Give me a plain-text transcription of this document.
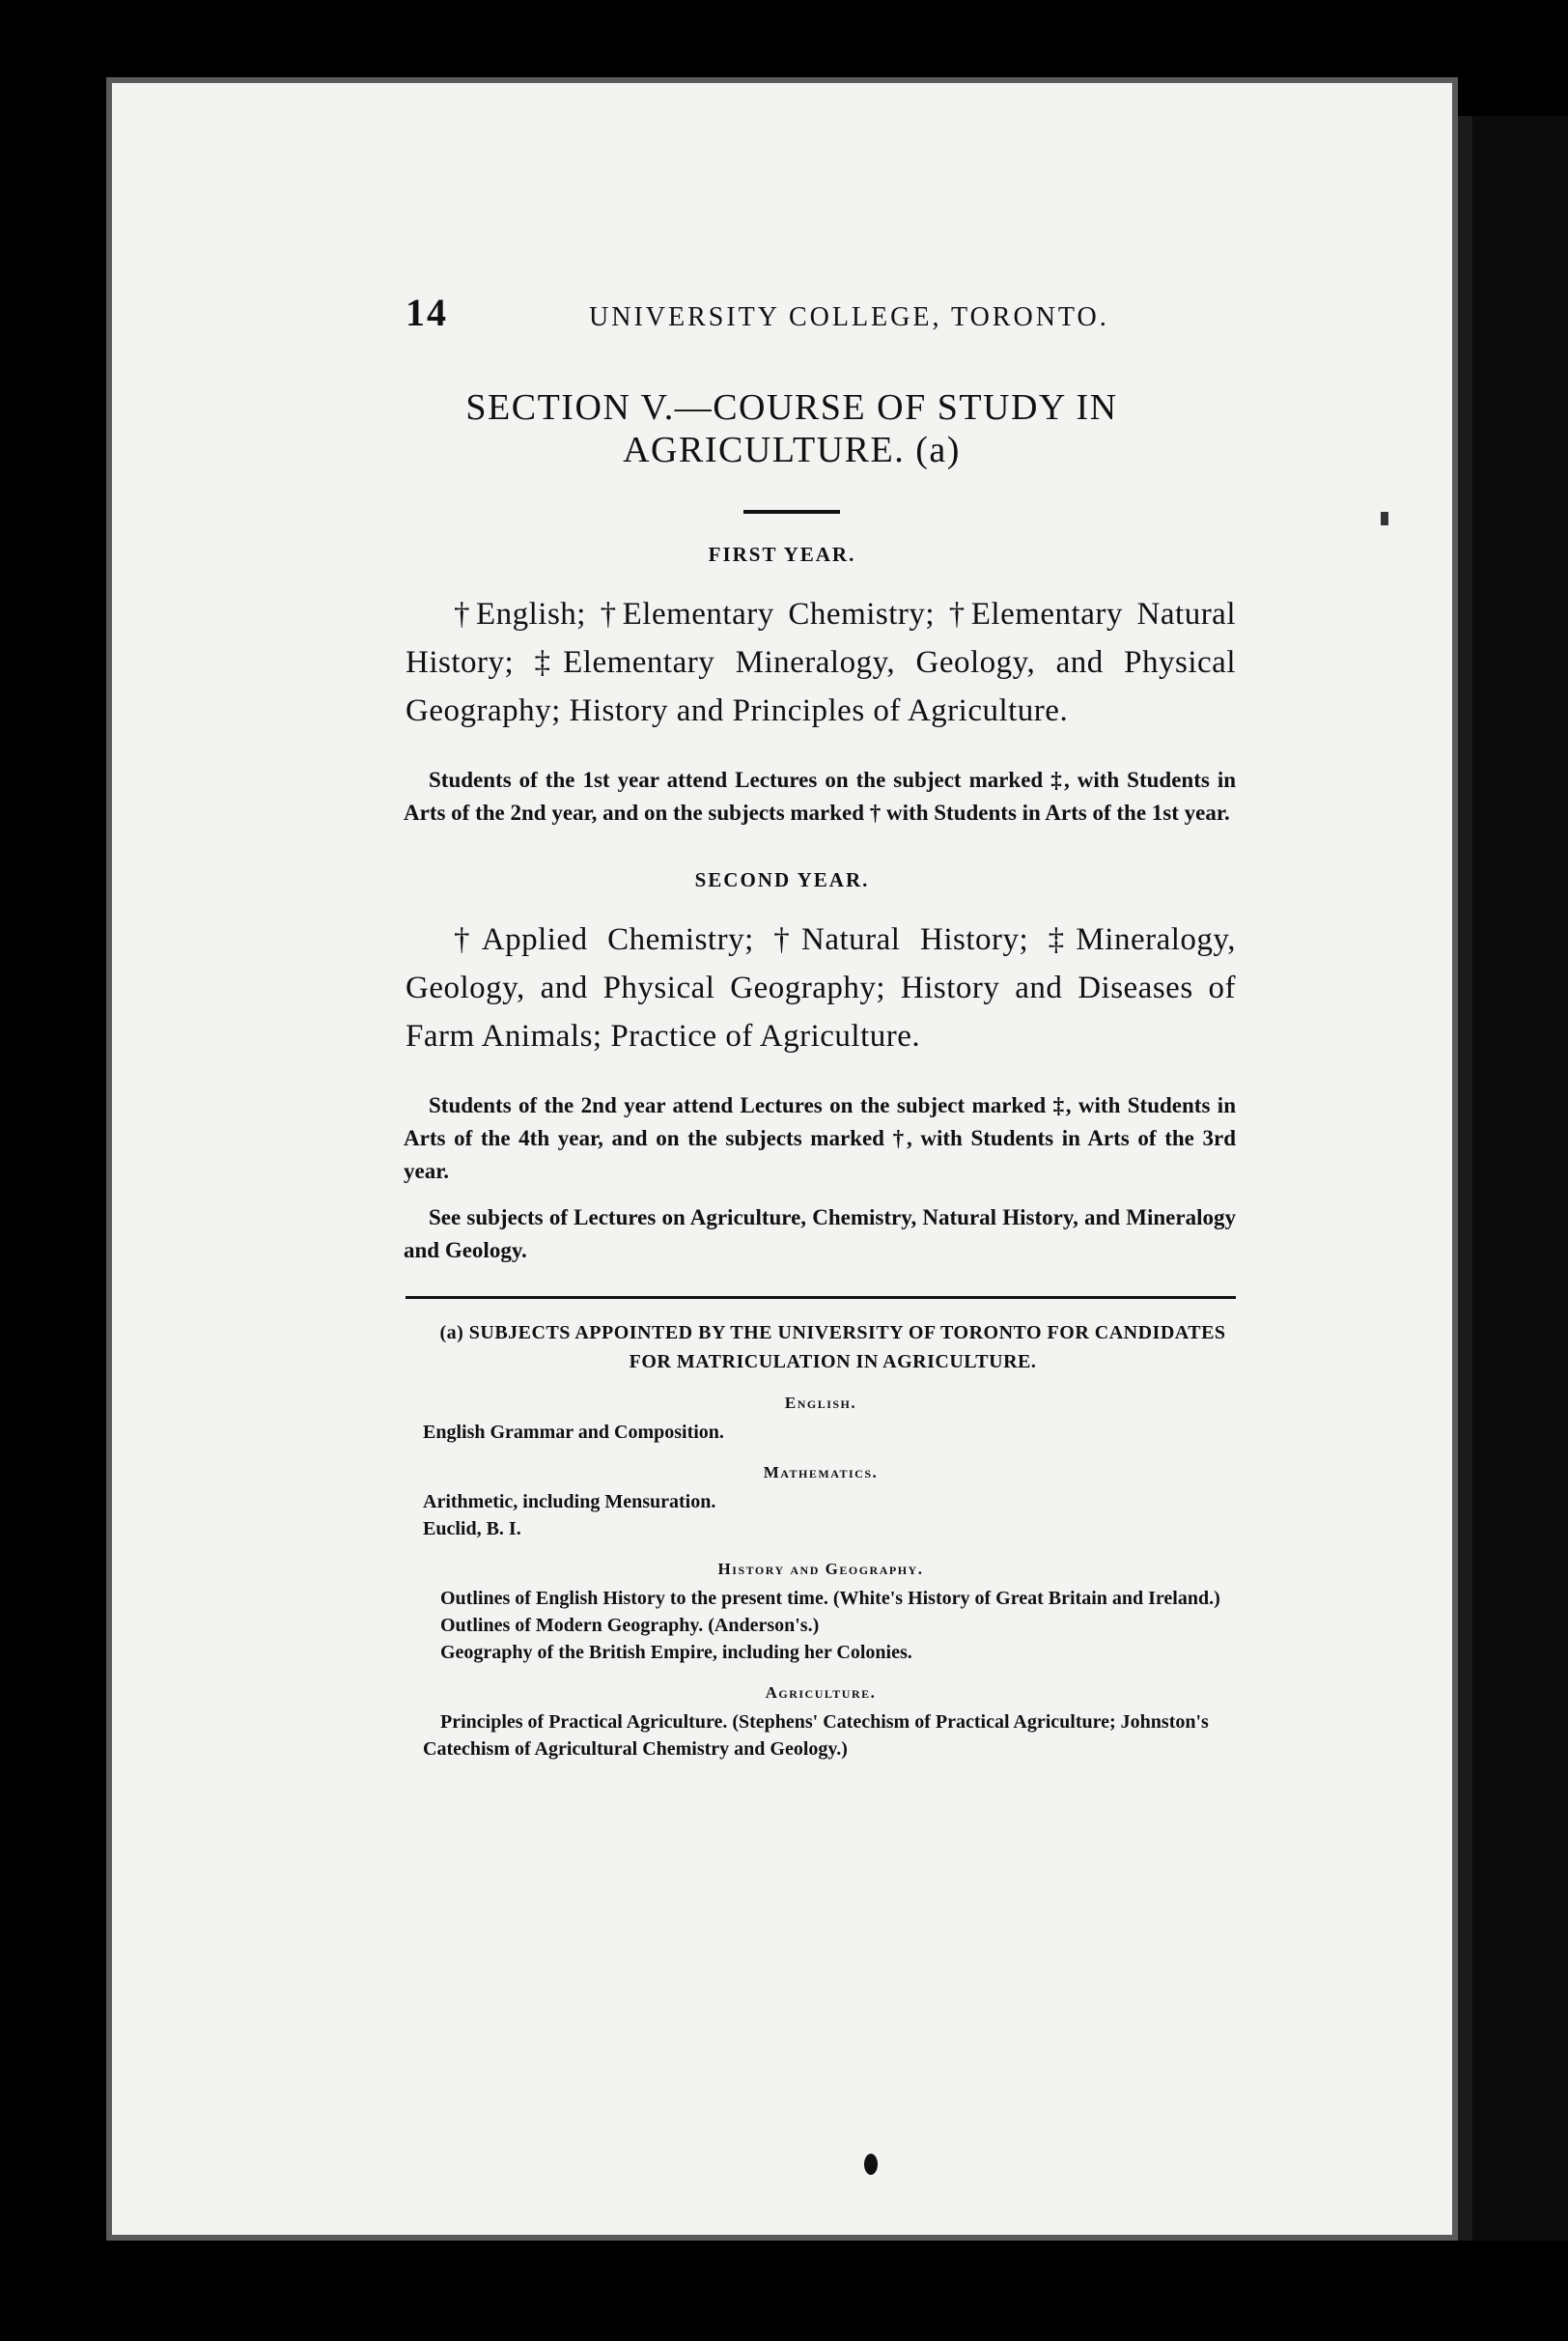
14	UNIVERSITY COLLEGE, TORONTO.
SECTION V.—COURSE OF STUDY IN
AGRICULTURE. (a)
FIRST YEAR.

†English; †Elementary Chemistry; †Elementary Natural History; ‡Elementary Mineralogy, Geology, and Physical Geography; History and Principles of Agriculture.

Students of the 1st year attend Lectures on the subject marked ‡, with Students in Arts of the 2nd year, and on the subjects marked † with Students in Arts of the 1st year.

SECOND YEAR.

†Applied Chemistry; †Natural History; ‡Mineralogy, Geology, and Physical Geography; History and Diseases of Farm Animals; Practice of Agriculture.

Students of the 2nd year attend Lectures on the subject marked ‡, with Students in Arts of the 4th year, and on the subjects marked †, with Students in Arts of the 3rd year.

See subjects of Lectures on Agriculture, Chemistry, Natural History, and Mineralogy and Geology.

(a) SUBJECTS APPOINTED BY THE UNIVERSITY OF TORONTO FOR CANDIDATES FOR MATRICULATION IN AGRICULTURE.
English.
English Grammar and Composition.
Mathematics.
Arithmetic, including Mensuration.
Euclid, B. I.
History and Geography.
Outlines of English History to the present time. (White's History of Great Britain and Ireland.)
Outlines of Modern Geography. (Anderson's.)
Geography of the British Empire, including her Colonies.
Agriculture.
Principles of Practical Agriculture. (Stephens' Catechism of Practical Agriculture; Johnston's Catechism of Agricultural Chemistry and Geology.)
